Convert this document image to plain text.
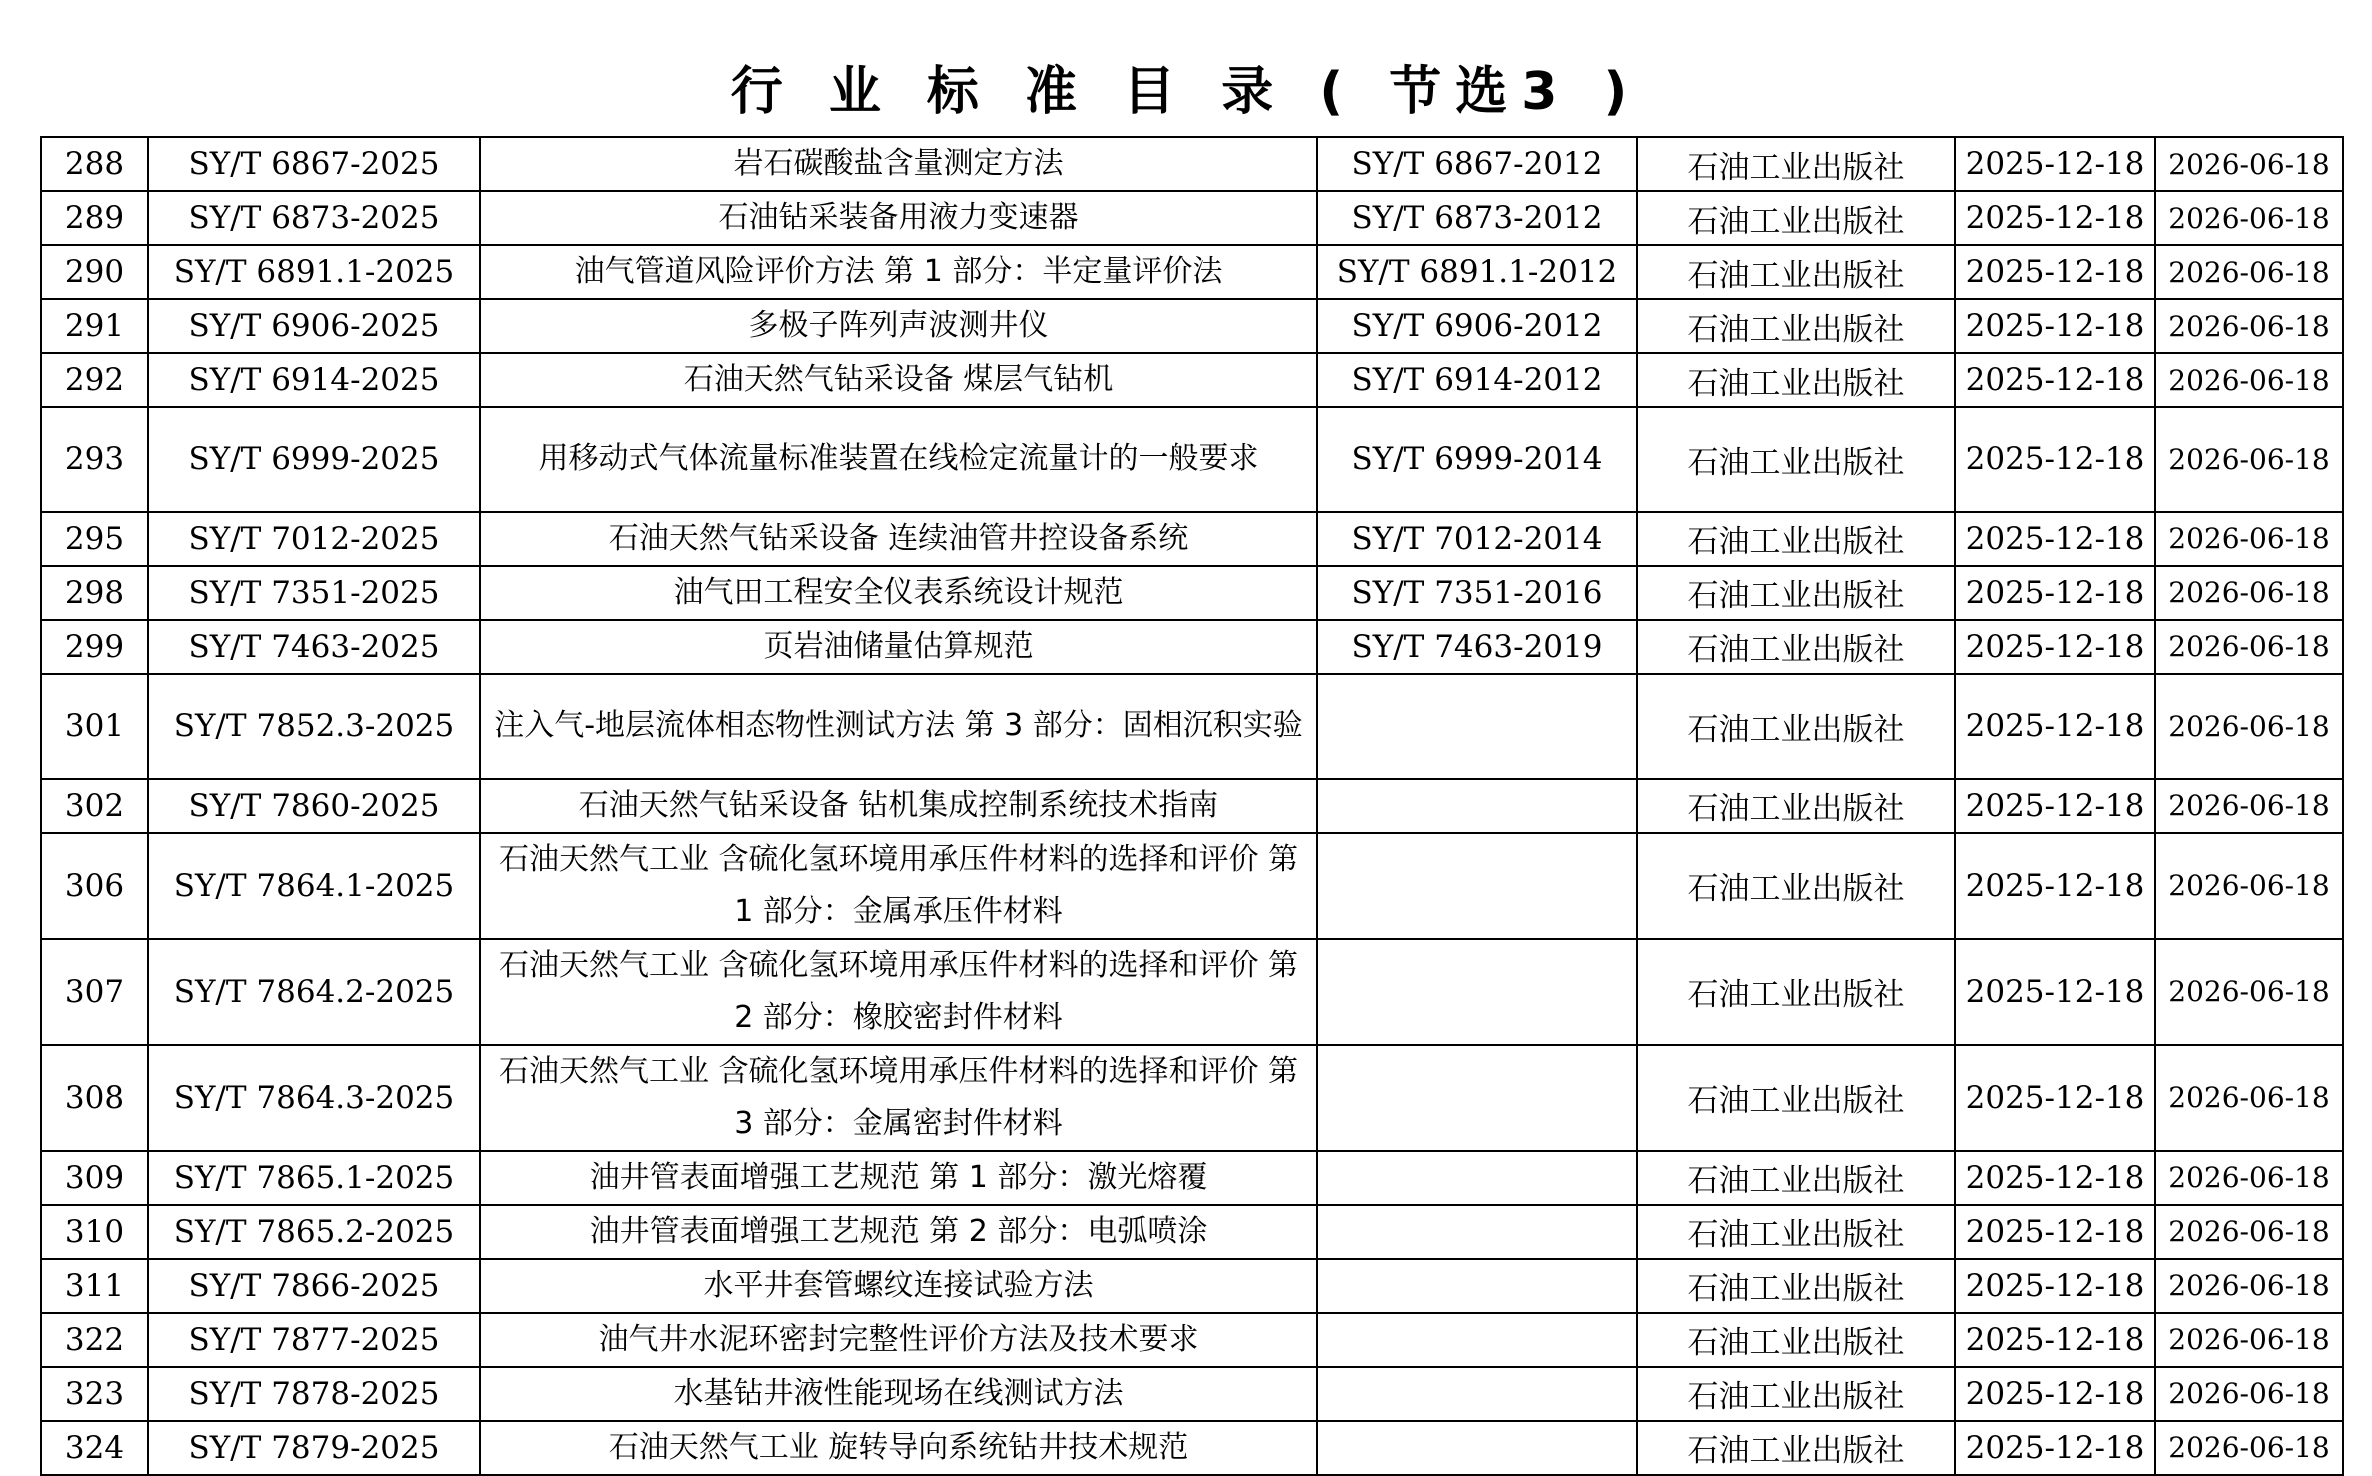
行 业 标 准 目 录 ( 节选3 )
288	SY/T 6867-2025	岩石碳酸盐含量测定方法	SY/T 6867-2012	石油工业出版社	2025-12-18	2026-06-18
289	SY/T 6873-2025	石油钻采装备用液力变速器	SY/T 6873-2012	石油工业出版社	2025-12-18	2026-06-18
290	SY/T 6891.1-2025	油气管道风险评价方法 第 1 部分：半定量评价法	SY/T 6891.1-2012	石油工业出版社	2025-12-18	2026-06-18
291	SY/T 6906-2025	多极子阵列声波测井仪	SY/T 6906-2012	石油工业出版社	2025-12-18	2026-06-18
292	SY/T 6914-2025	石油天然气钻采设备 煤层气钻机	SY/T 6914-2012	石油工业出版社	2025-12-18	2026-06-18
293	SY/T 6999-2025	用移动式气体流量标准装置在线检定流量计的一般要求	SY/T 6999-2014	石油工业出版社	2025-12-18	2026-06-18
295	SY/T 7012-2025	石油天然气钻采设备 连续油管井控设备系统	SY/T 7012-2014	石油工业出版社	2025-12-18	2026-06-18
298	SY/T 7351-2025	油气田工程安全仪表系统设计规范	SY/T 7351-2016	石油工业出版社	2025-12-18	2026-06-18
299	SY/T 7463-2025	页岩油储量估算规范	SY/T 7463-2019	石油工业出版社	2025-12-18	2026-06-18
301	SY/T 7852.3-2025	注入气-地层流体相态物性测试方法 第 3 部分：固相沉积实验		石油工业出版社	2025-12-18	2026-06-18
302	SY/T 7860-2025	石油天然气钻采设备 钻机集成控制系统技术指南		石油工业出版社	2025-12-18	2026-06-18
306	SY/T 7864.1-2025	石油天然气工业 含硫化氢环境用承压件材料的选择和评价 第 1 部分：金属承压件材料		石油工业出版社	2025-12-18	2026-06-18
307	SY/T 7864.2-2025	石油天然气工业 含硫化氢环境用承压件材料的选择和评价 第 2 部分：橡胶密封件材料		石油工业出版社	2025-12-18	2026-06-18
308	SY/T 7864.3-2025	石油天然气工业 含硫化氢环境用承压件材料的选择和评价 第 3 部分：金属密封件材料		石油工业出版社	2025-12-18	2026-06-18
309	SY/T 7865.1-2025	油井管表面增强工艺规范 第 1 部分：激光熔覆		石油工业出版社	2025-12-18	2026-06-18
310	SY/T 7865.2-2025	油井管表面增强工艺规范 第 2 部分：电弧喷涂		石油工业出版社	2025-12-18	2026-06-18
311	SY/T 7866-2025	水平井套管螺纹连接试验方法		石油工业出版社	2025-12-18	2026-06-18
322	SY/T 7877-2025	油气井水泥环密封完整性评价方法及技术要求		石油工业出版社	2025-12-18	2026-06-18
323	SY/T 7878-2025	水基钻井液性能现场在线测试方法		石油工业出版社	2025-12-18	2026-06-18
324	SY/T 7879-2025	石油天然气工业 旋转导向系统钻井技术规范		石油工业出版社	2025-12-18	2026-06-18
